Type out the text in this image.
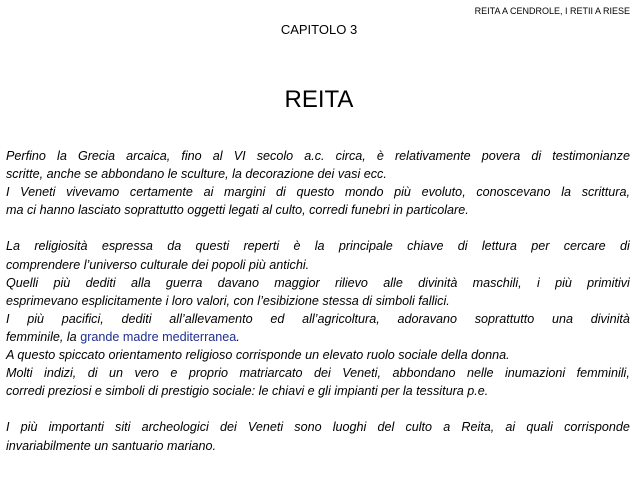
REITA A CENDROLE, I RETII A RIESE
CAPITOLO 3
REITA
Perfino la Grecia arcaica, fino al VI secolo a.c. circa, è relativamente povera di testimonianze
scritte, anche se abbondano le sculture, la decorazione dei vasi ecc.
I Veneti vivevamo certamente ai margini di questo mondo più evoluto, conoscevano la scrittura,
ma ci hanno lasciato soprattutto oggetti legati al culto, corredi funebri in particolare.
La religiosità espressa da questi reperti è la principale chiave di lettura per cercare di
comprendere l’universo culturale dei popoli più antichi.
Quelli più dediti alla guerra davano maggior rilievo alle divinità maschili, i più primitivi
esprimevano esplicitamente i loro valori, con l’esibizione stessa di simboli fallici.
I più pacifici, dediti all’allevamento ed all’agricoltura, adoravano soprattutto una divinità
femminile, la grande madre mediterranea.
A questo spiccato orientamento religioso corrisponde un elevato ruolo sociale della donna.
Molti indizi, di un vero e proprio matriarcato dei Veneti, abbondano nelle inumazioni femminili,
corredi preziosi e simboli di prestigio sociale: le chiavi e gli impianti per la tessitura p.e.
I più importanti siti archeologici dei Veneti sono luoghi del culto a Reita, ai quali corrisponde
invariabilmente un santuario mariano.
